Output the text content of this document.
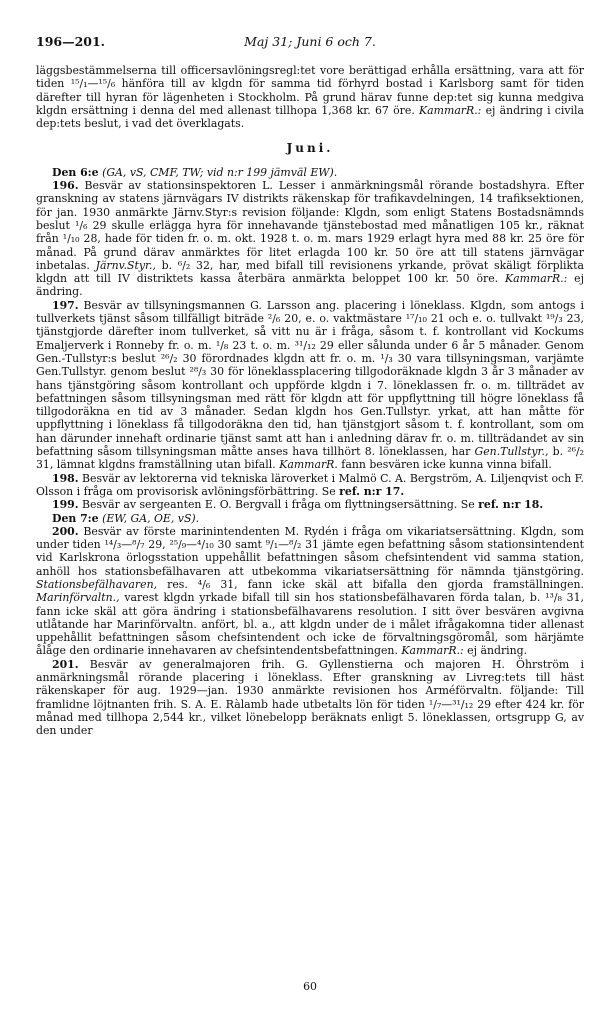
196—201.	Maj 31; Juni 6 och 7.

läggsbestämmelserna till officersavlöningsregl:tet vore berättigad erhålla ersättning, vara att för tiden ¹⁵/₁—¹⁵/₆ hänföra till av klgdn för samma tid förhyrd bostad i Karlsborg samt för tiden därefter till hyran för lägenheten i Stockholm. På grund härav funne dep:tet sig kunna medgiva klgdn ersättning i denna del med allenast tillhopa 1,368 kr. 67 öre. KammarR.: ej ändring i civila dep:tets beslut, i vad det överklagats.

Juni.

Den 6:e (GA, vS, CMF, TW; vid n:r 199 jämväl EW).

196. Besvär av stationsinspektoren L. Lesser i anmärkningsmål rörande bostadshyra. Efter granskning av statens järnvägars IV distrikts räkenskap för trafikavdelningen, 14 trafiksektionen, för jan. 1930 anmärkte Järnv.Styr:s revision följande: Klgdn, som enligt Statens Bostadsnämnds beslut ¹/₆ 29 skulle erlägga hyra för innehavande tjänstebostad med månatligen 105 kr., räknat från ¹/₁₀ 28, hade för tiden fr. o. m. okt. 1928 t. o. m. mars 1929 erlagt hyra med 88 kr. 25 öre för månad. På grund därav anmärktes för litet erlagda 100 kr. 50 öre att till statens järnvägar inbetalas. Järnv.Styr., b. ⁶/₂ 32, har, med bifall till revisionens yrkande, prövat skäligt förplikta klgdn att till IV distriktets kassa återbära anmärkta beloppet 100 kr. 50 öre. KammarR.: ej ändring.

197. Besvär av tillsyningsmannen G. Larsson ang. placering i löneklass. Klgdn, som antogs i tullverkets tjänst såsom tillfälligt biträde ²/₆ 20, e. o. vaktmästare ¹⁷/₁₀ 21 och e. o. tullvakt ¹⁹/₃ 23, tjänstgjorde därefter inom tullverket, så vitt nu är i fråga, såsom t. f. kontrollant vid Kockums Emaljerverk i Ronneby fr. o. m. ¹/₈ 23 t. o. m. ³¹/₁₂ 29 eller sålunda under 6 år 5 månader. Genom Gen.-Tullstyr:s beslut ²⁶/₂ 30 förordnades klgdn att fr. o. m. ¹/₃ 30 vara tillsyningsman, varjämte Gen.Tullstyr. genom beslut ²⁸/₃ 30 för löneklassplacering tillgodoräknade klgdn 3 år 3 månader av hans tjänstgöring såsom kontrollant och uppförde klgdn i 7. löneklassen fr. o. m. tillträdet av befattningen såsom tillsyningsman med rätt för klgdn att för uppflyttning till högre löneklass få tillgodoräkna en tid av 3 månader. Sedan klgdn hos Gen.Tullstyr. yrkat, att han måtte för uppflyttning i löneklass få tillgodoräkna den tid, han tjänstgjort såsom t. f. kontrollant, som om han därunder innehaft ordinarie tjänst samt att han i anledning därav fr. o. m. tillträdandet av sin befattning såsom tillsyningsman måtte anses hava tillhört 8. löneklassen, har Gen.Tullstyr., b. ²⁶/₂ 31, lämnat klgdns framställning utan bifall. KammarR. fann besvären icke kunna vinna bifall.

198. Besvär av lektorerna vid tekniska läroverket i Malmö C. A. Bergström, A. Liljenqvist och F. Olsson i fråga om provisorisk avlöningsförbättring. Se ref. n:r 17.

199. Besvär av sergeanten E. O. Bergvall i fråga om flyttningsersättning. Se ref. n:r 18.

Den 7:e (EW, GA, OE, vS).

200. Besvär av förste marinintendenten M. Rydén i fråga om vikariatsersättning. Klgdn, som under tiden ¹⁴/₃—⁸/₇ 29, ²⁵/₉—⁴/₁₀ 30 samt ⁹/₁—⁸/₂ 31 jämte egen befattning såsom stationsintendent vid Karlskrona örlogsstation uppehållit befattningen såsom chefsintendent vid samma station, anhöll hos stationsbefälhavaren att utbekomma vikariatsersättning för nämnda tjänstgöring. Stationsbefälhavaren, res. ⁴/₆ 31, fann icke skäl att bifalla den gjorda framställningen. Marinförvaltn., varest klgdn yrkade bifall till sin hos stationsbefälhavaren förda talan, b. ¹³/₈ 31, fann icke skäl att göra ändring i stationsbefälhavarens resolution. I sitt över besvären avgivna utlåtande har Marinförvaltn. anfört, bl. a., att klgdn under de i målet ifrågakomna tider allenast uppehållit befattningen såsom chefsintendent och icke de förvaltningsgöromål, som härjämte ålåge den ordinarie innehavaren av chefsintendentsbefattningen. KammarR.: ej ändring.

201. Besvär av generalmajoren frih. G. Gyllenstierna och majoren H. Öhrström i anmärkningsmål rörande placering i löneklass. Efter granskning av Livreg:tets till häst räkenskaper för aug. 1929—jan. 1930 anmärkte revisionen hos Arméförvaltn. följande: Till framlidne löjtnanten frih. S. A. E. Ràlamb hade utbetalts lön för tiden ¹/₇—³¹/₁₂ 29 efter 424 kr. för månad med tillhopa 2,544 kr., vilket lönebelopp beräknats enligt 5. löneklassen, ortsgrupp G, av den under

60
